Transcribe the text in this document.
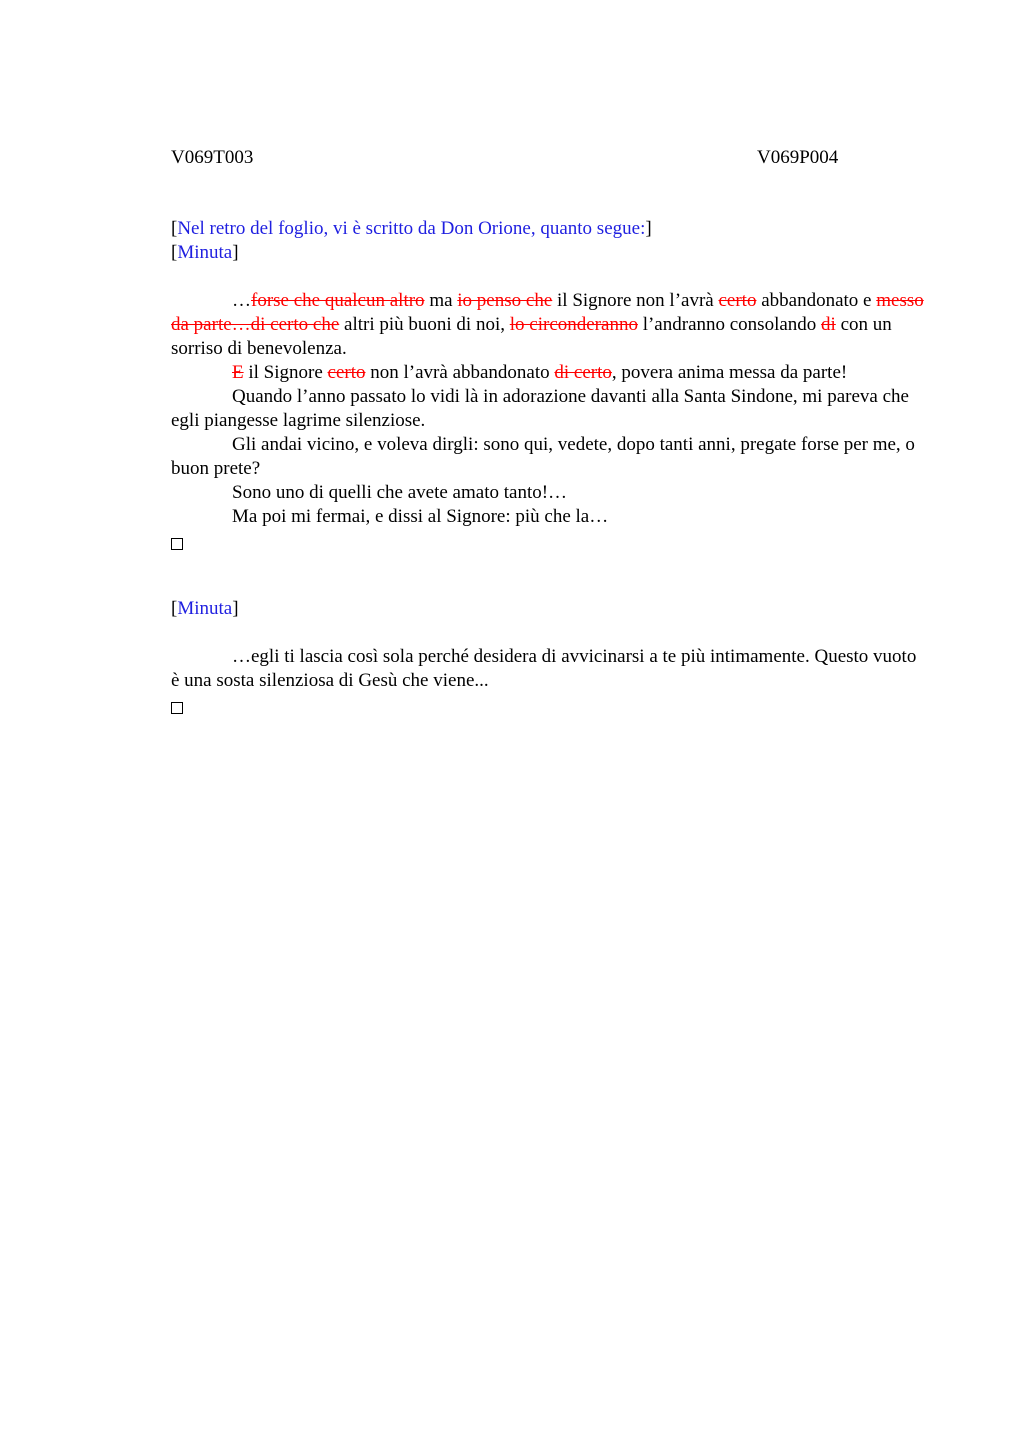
V069T003	V069P004
[Nel retro del foglio, vi è scritto da Don Orione, quanto segue:]
[Minuta]

…forse che qualcun altro ma io penso che il Signore non l’avrà certo abbandonato e messo da parte…di certo che altri più buoni di noi, lo circonderanno l’andranno consolando di con un sorriso di benevolenza.

E il Signore certo non l’avrà abbandonato di certo, povera anima messa da parte!

Quando l’anno passato lo vidi là in adorazione davanti alla Santa Sindone, mi pareva che egli piangesse lagrime silenziose.

Gli andai vicino, e voleva dirgli: sono qui, vedete, dopo tanti anni, pregate forse per me, o buon prete?

Sono uno di quelli che avete amato tanto!…

Ma poi mi fermai, e dissi al Signore: più che la…

[Minuta]

…egli ti lascia così sola perché desidera di avvicinarsi a te più intimamente. Questo vuoto è una sosta silenziosa di Gesù che viene...
